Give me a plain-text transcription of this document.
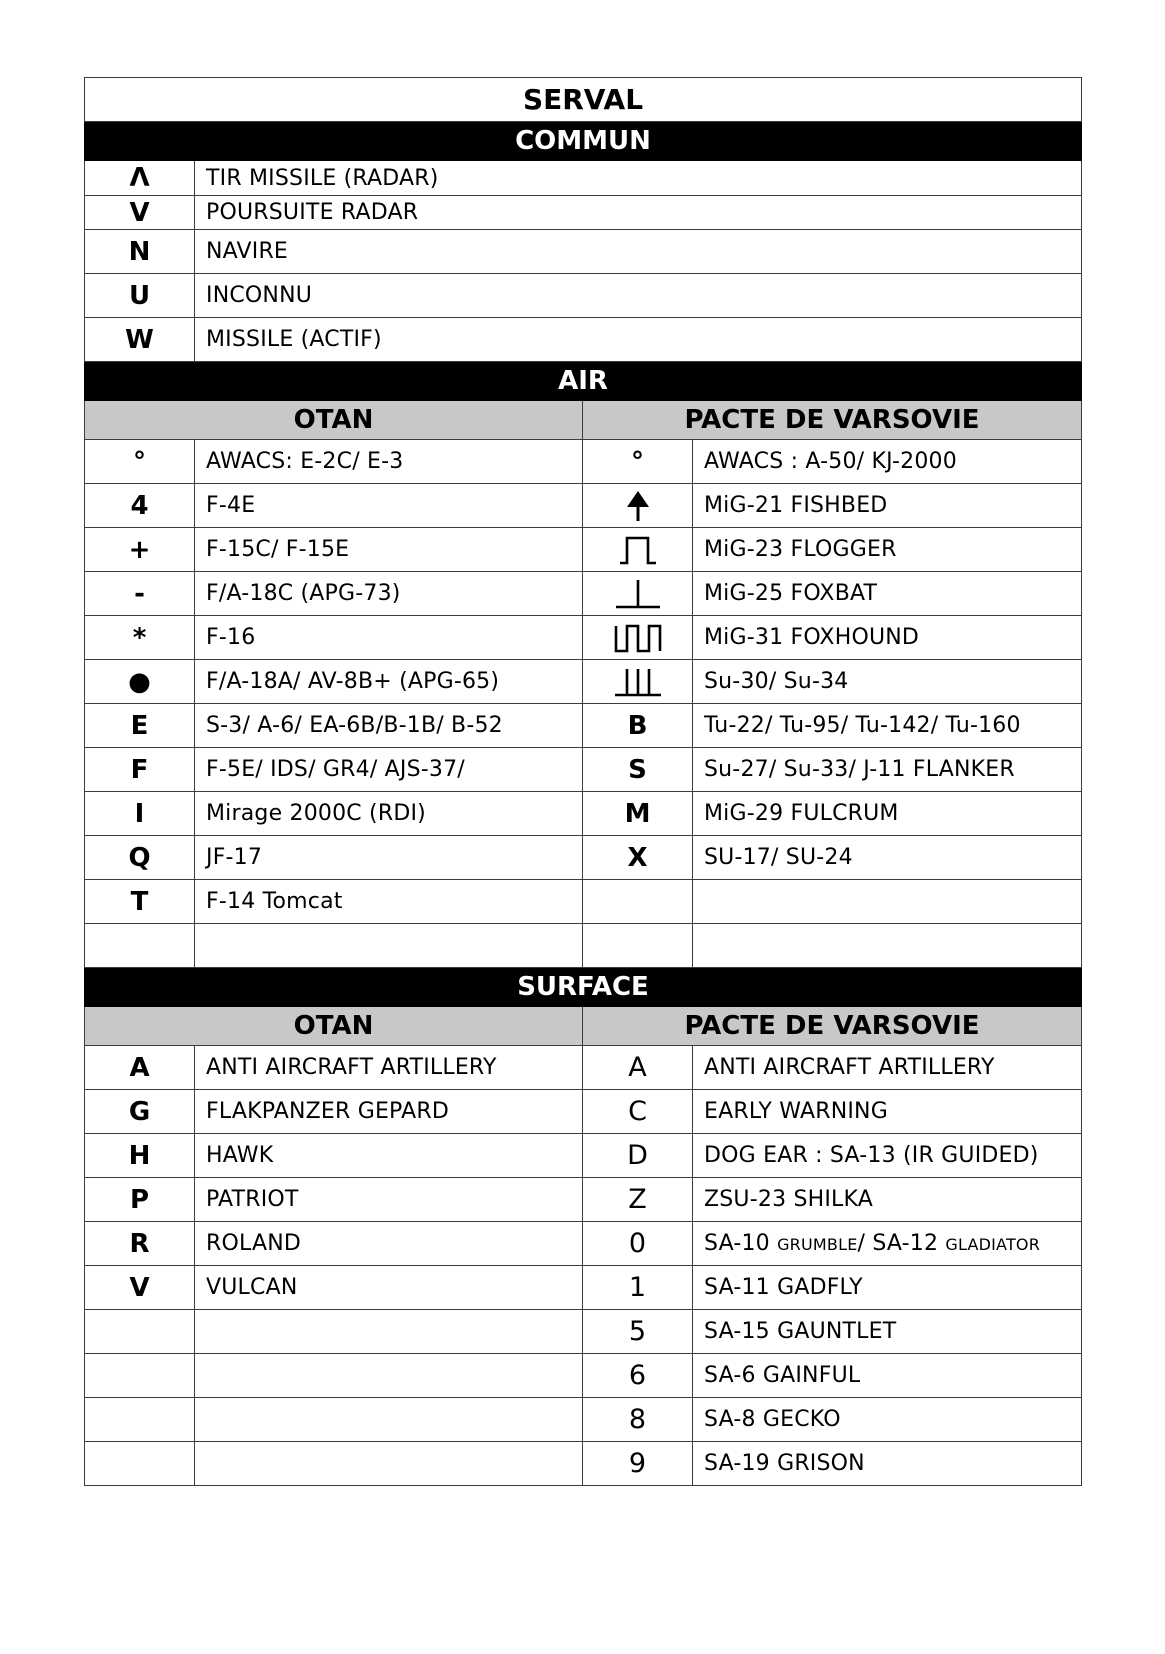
SERVAL			
COMMUN			
Λ	TIR MISSILE (RADAR)		
V	POURSUITE RADAR		
N	NAVIRE		
U	INCONNU		
W	MISSILE (ACTIF)		
AIR			
OTAN		PACTE DE VARSOVIE	
°	AWACS: E-2C/ E-3	°	AWACS : A-50/ KJ-2000
4	F-4E		MiG-21 FISHBED
+	F-15C/ F-15E		MiG-23 FLOGGER
-	F/A-18C (APG-73)		MiG-25 FOXBAT
*	F-16		MiG-31 FOXHOUND
●	F/A-18A/ AV-8B+ (APG-65)		Su-30/ Su-34
E	S-3/ A-6/ EA-6B/B-1B/ B-52	B	Tu-22/ Tu-95/ Tu-142/ Tu-160
F	F-5E/ IDS/ GR4/ AJS-37/	S	Su-27/ Su-33/ J-11 FLANKER
I	Mirage 2000C (RDI)	M	MiG-29 FULCRUM
Q	JF-17	X	SU-17/ SU-24
T	F-14 Tomcat		

SURFACE			
OTAN		PACTE DE VARSOVIE	
A	ANTI AIRCRAFT ARTILLERY	A	ANTI AIRCRAFT ARTILLERY
G	FLAKPANZER GEPARD	C	EARLY WARNING
H	HAWK	D	DOG EAR : SA-13 (IR GUIDED)
P	PATRIOT	Z	ZSU-23 SHILKA
R	ROLAND	0	SA-10 GRUMBLE/ SA-12 GLADIATOR
V	VULCAN	1	SA-11 GADFLY
		5	SA-15 GAUNTLET
		6	SA-6 GAINFUL
		8	SA-8 GECKO
		9	SA-19 GRISON
